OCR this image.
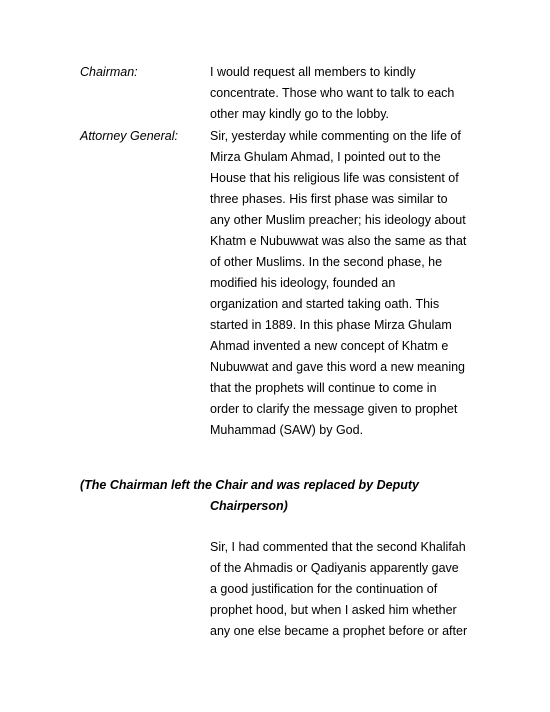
Chairman:	I would request all members to kindly
concentrate. Those who want to talk to each
other may kindly go to the lobby.
Attorney General:	Sir, yesterday while commenting on the life of
Mirza Ghulam Ahmad, I pointed out to the
House that his religious life was consistent of
three phases. His first phase was similar to
any other Muslim preacher; his ideology about
Khatm e Nubuwwat was also the same as that
of other Muslims. In the second phase, he
modified his ideology, founded an
organization and started taking oath. This
started in 1889. In this phase Mirza Ghulam
Ahmad invented a new concept of Khatm e
Nubuwwat and gave this word a new meaning
that the prophets will continue to come in
order to clarify the message given to prophet
Muhammad (SAW) by God.
(The Chairman left the Chair and was replaced by Deputy
Chairperson)
Sir, I had commented that the second Khalifah
of the Ahmadis or Qadiyanis apparently gave
a good justification for the continuation of
prophet hood, but when I asked him whether
any one else became a prophet before or after
